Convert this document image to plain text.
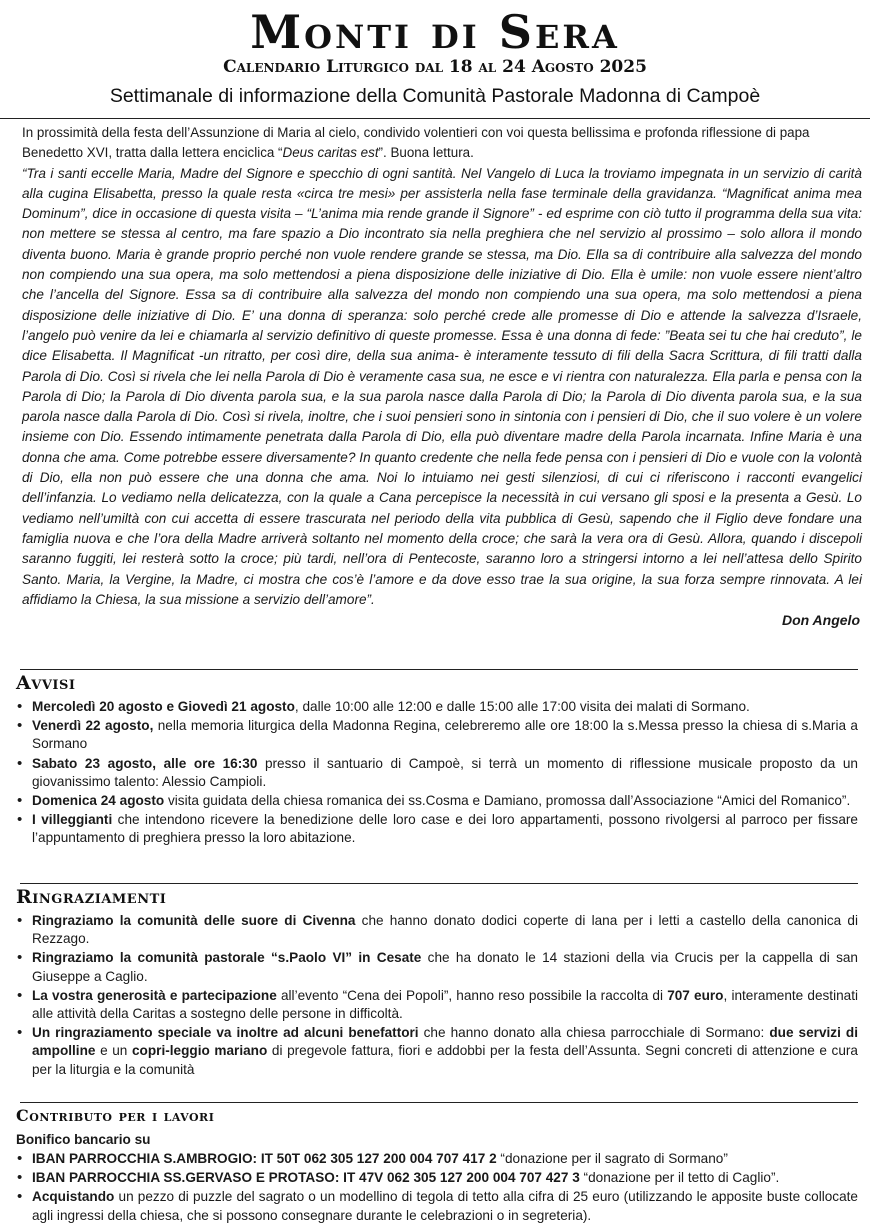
Monti di Sera
Calendario Liturgico dal 18 al 24 Agosto 2025
Settimanale di informazione della Comunità Pastorale Madonna di Campoè

In prossimità della festa dell’Assunzione di Maria al cielo, condivido volentieri con voi questa bellissima e profonda riflessione di papa Benedetto XVI, tratta dalla lettera enciclica “Deus caritas est”. Buona lettura.

“Tra i santi eccelle Maria, Madre del Signore e specchio di ogni santità. Nel Vangelo di Luca la troviamo impegnata in un servizio di carità alla cugina Elisabetta, presso la quale resta «circa tre mesi» per assisterla nella fase terminale della gravidanza. “Magnificat anima mea Dominum”, dice in occasione di questa visita – “L’anima mia rende grande il Signore” - ed esprime con ciò tutto il programma della sua vita: non mettere se stessa al centro, ma fare spazio a Dio incontrato sia nella preghiera che nel servizio al prossimo – solo allora il mondo diventa buono. Maria è grande proprio perché non vuole rendere grande se stessa, ma Dio. Ella sa di contribuire alla salvezza del mondo non compiendo una sua opera, ma solo mettendosi a piena disposizione delle iniziative di Dio. Ella è umile: non vuole essere nient’altro che l’ancella del Signore. Essa sa di contribuire alla salvezza del mondo non compiendo una sua opera, ma solo mettendosi a piena disposizione delle iniziative di Dio. E’ una donna di speranza: solo perché crede alle promesse di Dio e attende la salvezza d’Israele, l’angelo può venire da lei e chiamarla al servizio definitivo di queste promesse. Essa è una donna di fede: ”Beata sei tu che hai creduto”, le dice Elisabetta. Il Magnificat -un ritratto, per così dire, della sua anima- è interamente tessuto di fili della Sacra Scrittura, di fili tratti dalla Parola di Dio. Così si rivela che lei nella Parola di Dio è veramente casa sua, ne esce e vi rientra con naturalezza. Ella parla e pensa con la Parola di Dio; la Parola di Dio diventa parola sua, e la sua parola nasce dalla Parola di Dio; la Parola di Dio diventa parola sua, e la sua parola nasce dalla Parola di Dio. Così si rivela, inoltre, che i suoi pensieri sono in sintonia con i pensieri di Dio, che il suo volere è un volere insieme con Dio. Essendo intimamente penetrata dalla Parola di Dio, ella può diventare madre della Parola incarnata. Infine Maria è una donna che ama. Come potrebbe essere diversamente? In quanto credente che nella fede pensa con i pensieri di Dio e vuole con la volontà di Dio, ella non può essere che una donna che ama. Noi lo intuiamo nei gesti silenziosi, di cui ci riferiscono i racconti evangelici dell’infanzia. Lo vediamo nella delicatezza, con la quale a Cana percepisce la necessità in cui versano gli sposi e la presenta a Gesù. Lo vediamo nell’umiltà con cui accetta di essere trascurata nel periodo della vita pubblica di Gesù, sapendo che il Figlio deve fondare una famiglia nuova e che l’ora della Madre arriverà soltanto nel momento della croce; che sarà la vera ora di Gesù. Allora, quando i discepoli saranno fuggiti, lei resterà sotto la croce; più tardi, nell’ora di Pentecoste, saranno loro a stringersi intorno a lei nell’attesa dello Spirito Santo. Maria, la Vergine, la Madre, ci mostra che cos’è l’amore e da dove esso trae la sua origine, la sua forza sempre rinnovata. A lei affidiamo la Chiesa, la sua missione a servizio dell’amore”.
Don Angelo
Avvisi
• Mercoledì 20 agosto e Giovedì 21 agosto, dalle 10:00 alle 12:00 e dalle 15:00 alle 17:00 visita dei malati di Sormano.
• Venerdì 22 agosto, nella memoria liturgica della Madonna Regina, celebreremo alle ore 18:00 la s.Messa presso la chiesa di s.Maria a Sormano
• Sabato 23 agosto, alle ore 16:30 presso il santuario di Campoè, si terrà un momento di riflessione musicale proposto da un giovanissimo talento: Alessio Campioli.
• Domenica 24 agosto visita guidata della chiesa romanica dei ss.Cosma e Damiano, promossa dall’Associazione “Amici del Romanico”.
• I villeggianti che intendono ricevere la benedizione delle loro case e dei loro appartamenti, possono rivolgersi al parroco per fissare l’appuntamento di preghiera presso la loro abitazione.
Ringraziamenti
• Ringraziamo la comunità delle suore di Civenna che hanno donato dodici coperte di lana per i letti a castello della canonica di Rezzago.
• Ringraziamo la comunità pastorale “s.Paolo VI” in Cesate che ha donato le 14 stazioni della via Crucis per la cappella di san Giuseppe a Caglio.
• La vostra generosità e partecipazione all’evento “Cena dei Popoli”, hanno reso possibile la raccolta di 707 euro, interamente destinati alle attività della Caritas a sostegno delle persone in difficoltà.
• Un ringraziamento speciale va inoltre ad alcuni benefattori che hanno donato alla chiesa parrocchiale di Sormano: due servizi di ampolline e un copri-leggio mariano di pregevole fattura, fiori e addobbi per la festa dell’Assunta. Segni concreti di attenzione e cura per la liturgia e la comunità
Contributo per i lavori
Bonifico bancario su
• IBAN PARROCCHIA S.AMBROGIO: IT 50T 062 305 127 200 004 707 417 2 “donazione per il sagrato di Sormano”
• IBAN PARROCCHIA SS.GERVASO E PROTASO: IT 47V 062 305 127 200 004 707 427 3 “donazione per il tetto di Caglio”.
• Acquistando un pezzo di puzzle del sagrato o un modellino di tegola di tetto alla cifra di 25 euro (utilizzando le apposite buste collocate agli ingressi della chiesa, che si possono consegnare durante le celebrazioni o in segreteria).
